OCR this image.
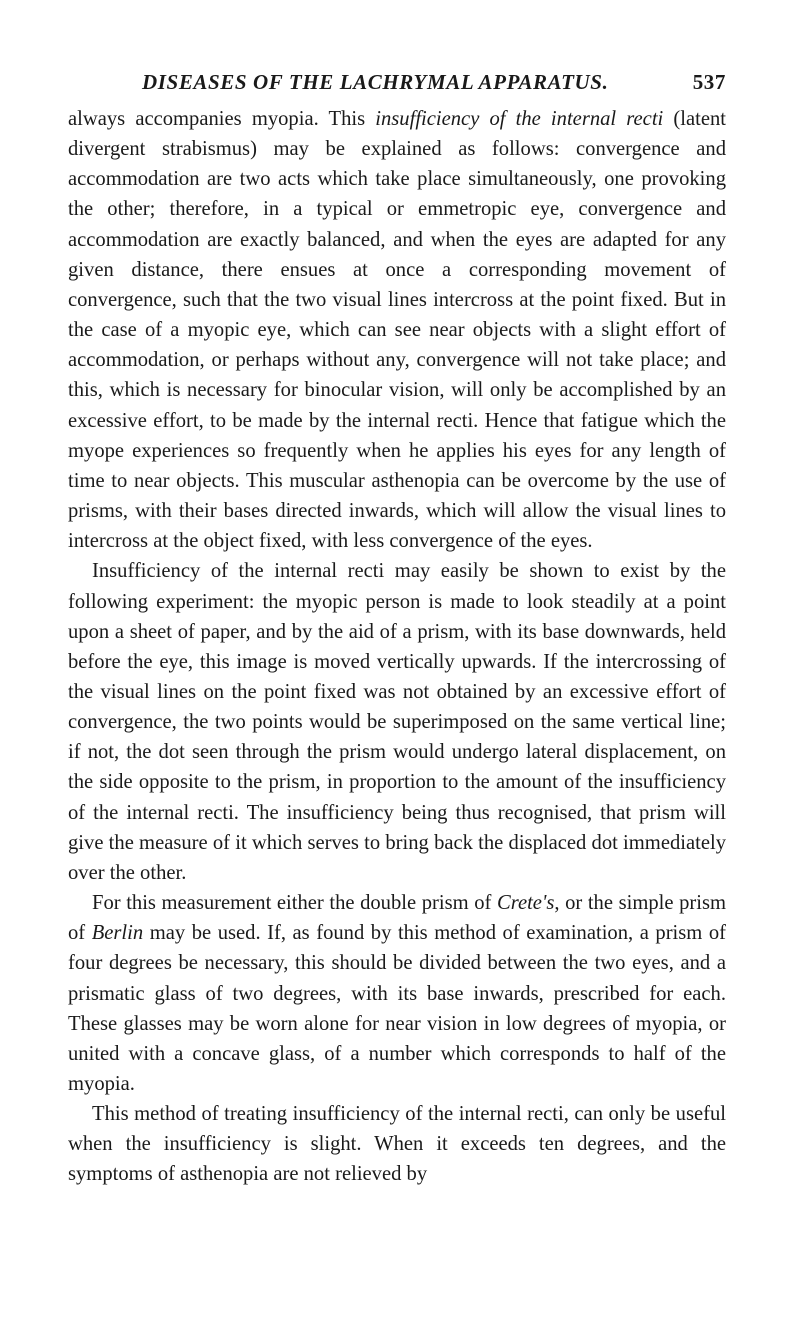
DISEASES OF THE LACHRYMAL APPARATUS.	537

always accompanies myopia. This insufficiency of the internal recti (latent divergent strabismus) may be explained as follows: convergence and accommodation are two acts which take place simultaneously, one provoking the other; therefore, in a typical or emmetropic eye, convergence and accommodation are exactly balanced, and when the eyes are adapted for any given distance, there ensues at once a corresponding movement of convergence, such that the two visual lines intercross at the point fixed. But in the case of a myopic eye, which can see near objects with a slight effort of accommodation, or perhaps without any, convergence will not take place; and this, which is necessary for binocular vision, will only be accomplished by an excessive effort, to be made by the internal recti. Hence that fatigue which the myope experiences so frequently when he applies his eyes for any length of time to near objects. This muscular asthenopia can be overcome by the use of prisms, with their bases directed inwards, which will allow the visual lines to intercross at the object fixed, with less convergence of the eyes.

Insufficiency of the internal recti may easily be shown to exist by the following experiment: the myopic person is made to look steadily at a point upon a sheet of paper, and by the aid of a prism, with its base downwards, held before the eye, this image is moved vertically upwards. If the intercrossing of the visual lines on the point fixed was not obtained by an excessive effort of convergence, the two points would be superimposed on the same vertical line; if not, the dot seen through the prism would undergo lateral displacement, on the side opposite to the prism, in proportion to the amount of the insufficiency of the internal recti. The insufficiency being thus recognised, that prism will give the measure of it which serves to bring back the displaced dot immediately over the other.

For this measurement either the double prism of Crete's, or the simple prism of Berlin may be used. If, as found by this method of examination, a prism of four degrees be necessary, this should be divided between the two eyes, and a prismatic glass of two degrees, with its base inwards, prescribed for each. These glasses may be worn alone for near vision in low degrees of myopia, or united with a concave glass, of a number which corresponds to half of the myopia.

This method of treating insufficiency of the internal recti, can only be useful when the insufficiency is slight. When it exceeds ten degrees, and the symptoms of asthenopia are not relieved by
